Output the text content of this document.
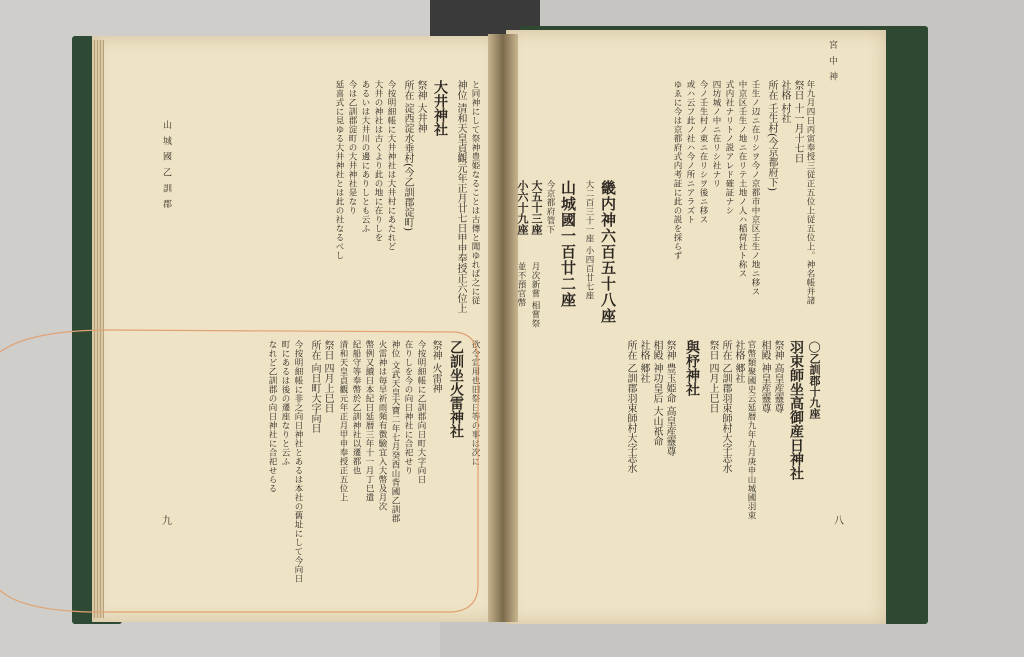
宮 中 神
八
年九月四日丙寅奉授三従正五位上従五位上。神名帳并諸
祭日 十一月十七日
社格 村社
所在 壬生村(今京都府下)
壬生ノ辺ニ在リシヲ今ノ京都市中京区壬生ノ地ニ移ス
中京区壬生ノ地ニ在リテ土地ノ人ハ稲荷社ト称ス
式内社ナリトノ説アレド確証ナシ
四坊城ノ中ニ在リシ社ナリ
今ノ壬生村ノ東ニ在リシヲ後ニ移ス
或ハ云フ此ノ社ハ今ノ所ニアラズト
ゆゑに今は京都府式内考証に此の説を採らず
畿内神六百五十八座
大二百三十一座 小四百廿七座
山城國一百廿二座
今京都府管下
大五十三座
月次新嘗 相嘗祭
小六十九座
並不預官幣
◯乙訓郡十九座
羽束師坐高御産日神社
祭神 高皇産靈尊
相殿 神皇産靈尊
官幣類聚國史云延暦九年九月庚申山城國羽束
社格 郷社
所在 乙訓郡羽束師村大字志水
祭日 四月上巳日
與杼神社
祭神 豊玉姫命 高皇産靈尊
相殿 神功皇后 大山祇命
社格 郷社
所在 乙訓郡羽束師村大字志水
山 城 國 乙 訓 郡
九
と同神にして祭神豊姫なることは古傳と聞ゆれば之に従
神位 清和天皇貞觀元年正月廿七日甲申奉授正六位上
大井神社
祭神 大井神
所在 淀西淀水垂村(今乙訓郡淀町)
今按明細帳に大井神社は大井村にあたれど
大井の神社は古くより此の地に在りしを
あるいは大井川の邊にありしとも云ふ
今は乙訓郡淀町の大井神社是なり
延喜式に見ゆる大井神社とは此の社なるべし
欲令宣用也旧祭日等の事は次に
乙訓坐火雷神社
祭神 火雷神
今按明細帳に乙訓郡向日町大字向日
在りしを今の向日神社に合祀せり
神位 文武天皇大寶二年七月癸酉山背國乙訓郡
火雷神は毎旱祈雨頻有徴驗宜入大幣及月次
幣例又續日本紀曰延暦三年十一月丁巳遣
紀船守等奉幣於乙訓神社以遷都也
清和天皇貞觀元年正月甲申奉授正五位上
祭日 四月上巳日
所在 向日町大字向日
今按明細帳に非之向日神社とあるは本社の舊址にして今向日
町にあるは後の遷座なりと云ふ
なれど乙訓郡の向日神社に合祀せらる
